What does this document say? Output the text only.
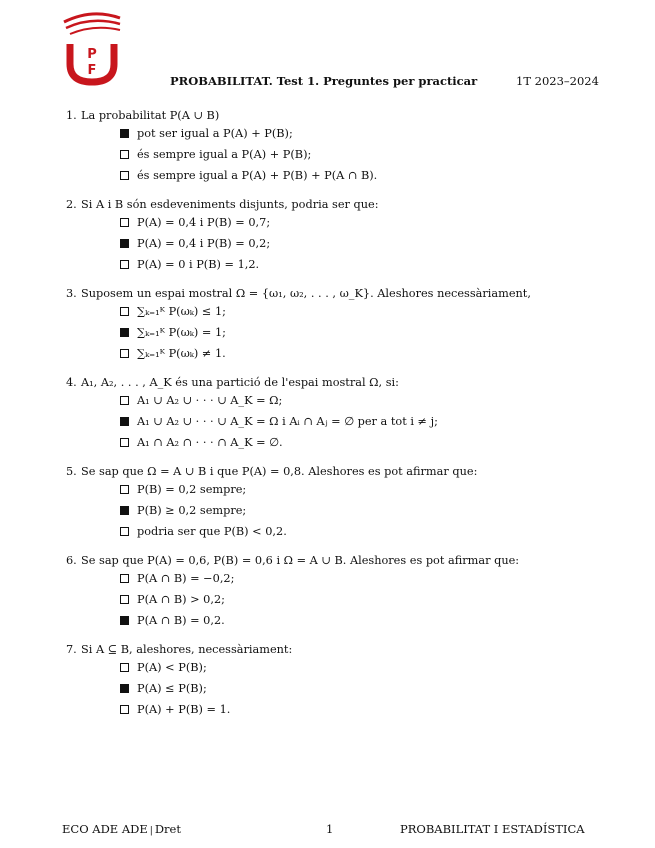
P
F
PROBABILITAT. Test 1. Preguntes per practicar	1T 2023–2024
1. La probabilitat P(A ∪ B)
pot ser igual a P(A) + P(B);
és sempre igual a P(A) + P(B);
és sempre igual a P(A) + P(B) + P(A ∩ B).
2. Si A i B són esdeveniments disjunts, podria ser que:
P(A) = 0,4 i P(B) = 0,7;
P(A) = 0,4 i P(B) = 0,2;
P(A) = 0 i P(B) = 1,2.
3. Suposem un espai mostral Ω = {ω₁, ω₂, . . . , ω_K}. Aleshores necessàriament,
∑ₖ₌₁ᴷ P(ωₖ) ≤ 1;
∑ₖ₌₁ᴷ P(ωₖ) = 1;
∑ₖ₌₁ᴷ P(ωₖ) ≠ 1.
4. A₁, A₂, . . . , A_K és una partició de l'espai mostral Ω, si:
A₁ ∪ A₂ ∪ · · · ∪ A_K = Ω;
A₁ ∪ A₂ ∪ · · · ∪ A_K = Ω i Aᵢ ∩ Aⱼ = ∅ per a tot i ≠ j;
A₁ ∩ A₂ ∩ · · · ∩ A_K = ∅.
5. Se sap que Ω = A ∪ B i que P(A) = 0,8. Aleshores es pot afirmar que:
P(B) = 0,2 sempre;
P(B) ≥ 0,2 sempre;
podria ser que P(B) < 0,2.
6. Se sap que P(A) = 0,6, P(B) = 0,6 i Ω = A ∪ B. Aleshores es pot afirmar que:
P(A ∩ B) = −0,2;
P(A ∩ B) > 0,2;
P(A ∩ B) = 0,2.
7. Si A ⊆ B, aleshores, necessàriament:
P(A) < P(B);
P(A) ≤ P(B);
P(A) + P(B) = 1.
ECO ADE ADE | Dret	1	PROBABILITAT I ESTADÍSTICA
